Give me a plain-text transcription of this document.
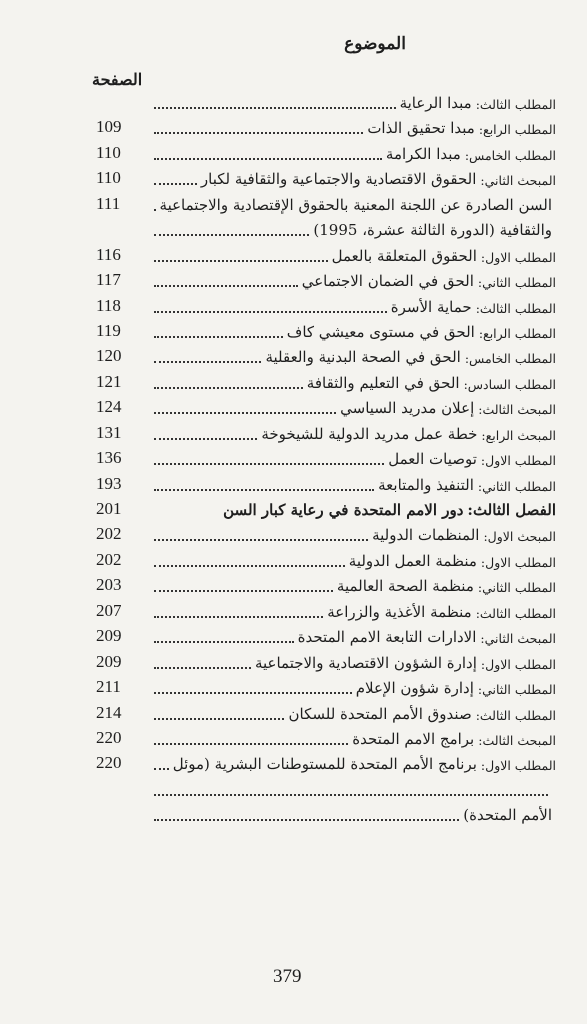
الموضوع
الصفحة
المطلب الثالث:
مبدا الرعاية
المطلب الرابع:
مبدا تحقيق الذات
109
المطلب الخامس:
مبدا الكرامة
110
المبحث الثاني:
الحقوق الاقتصادية والاجتماعية والثقافية لكبار
110
السن الصادرة عن اللجنة المعنية بالحقوق الإقتصادية والاجتماعية
111
والثقافية (الدورة الثالثة عشرة، 1995)
المطلب الاول:
الحقوق المتعلقة بالعمل
116
المطلب الثاني:
الحق في الضمان الاجتماعي
117
المطلب الثالث:
حماية الأسرة
118
المطلب الرابع:
الحق في مستوى معيشي كاف
119
المطلب الخامس:
الحق في الصحة البدنية والعقلية
120
المطلب السادس:
الحق في التعليم والثقافة
121
المبحث الثالث:
إعلان مدريد السياسي
124
المبحث الرابع:
خطة عمل مدريد الدولية للشيخوخة
131
المطلب الاول:
توصيات العمل
136
المطلب الثاني:
التنفيذ والمتابعة
193
الفصل الثالث:
دور الامم المتحدة في رعاية كبار السن
201
المبحث الاول:
المنظمات الدولية
202
المطلب الاول:
منظمة العمل الدولية
202
المطلب الثاني:
منظمة الصحة العالمية
203
المطلب الثالث:
منظمة الأغذية والزراعة
207
المبحث الثاني:
الادارات التابعة الامم المتحدة
209
المطلب الاول:
إدارة الشؤون الاقتصادية والاجتماعية
209
المطلب الثاني:
إدارة شؤون الإعلام
211
المطلب الثالث:
صندوق الأمم المتحدة للسكان
214
المبحث الثالث:
برامج الامم المتحدة
220
المطلب الاول:
برنامج الأمم المتحدة للمستوطنات البشرية (موئل
220
الأمم المتحدة)
379
